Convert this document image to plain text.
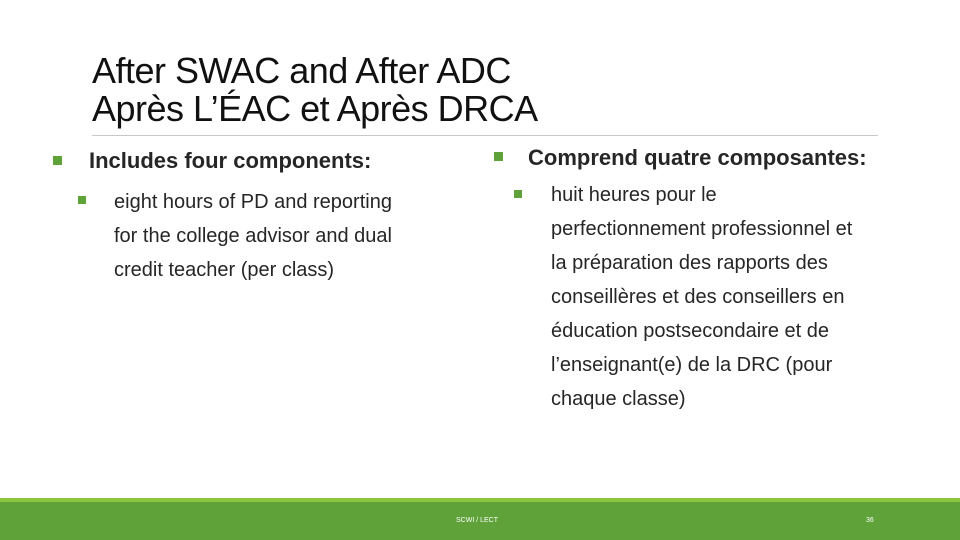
After SWAC and After ADC
Après L’ÉAC et Après DRCA
Includes four components:
eight hours of PD and reporting
for the college advisor and dual
credit teacher (per class)
Comprend quatre composantes:
huit heures pour le
perfectionnement professionnel et
la préparation des rapports des
conseillères et des conseillers en
éducation postsecondaire et de
l’enseignant(e) de la DRC (pour
chaque classe)
SCWI / LECT	36
